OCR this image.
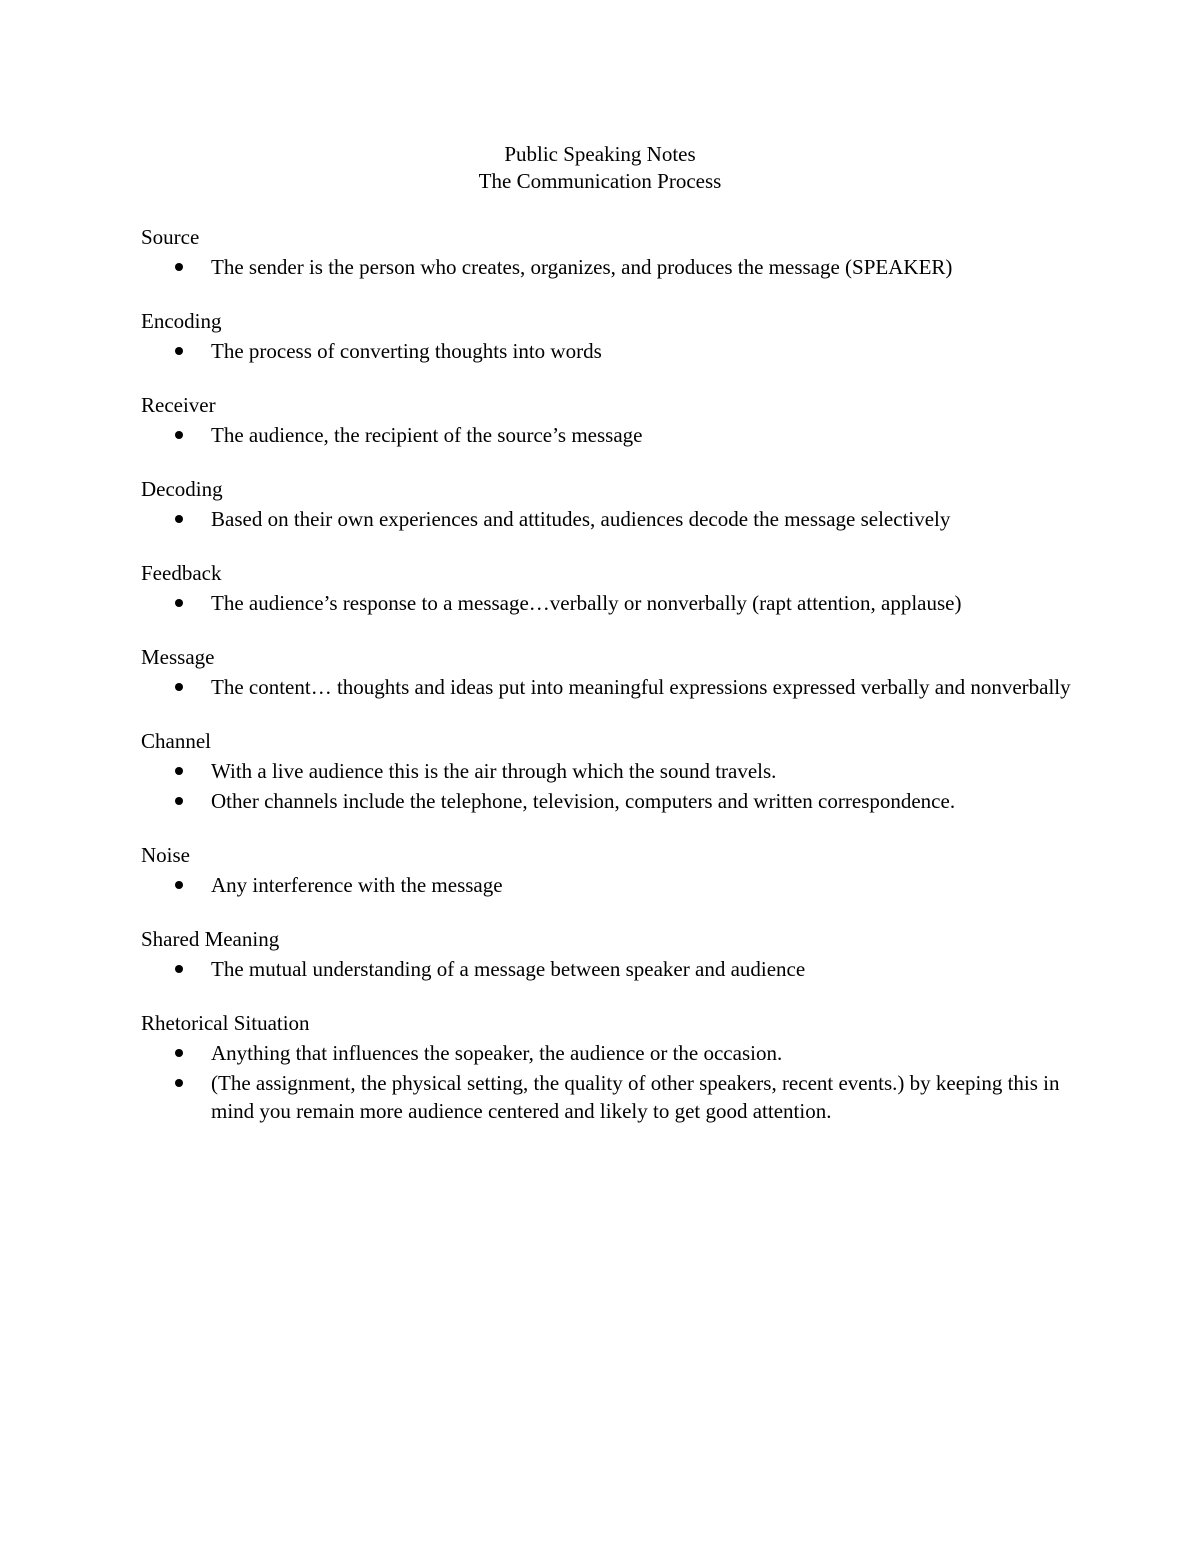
Public Speaking Notes
The Communication Process
Source
The sender is the person who creates, organizes, and produces the message (SPEAKER)
Encoding
The process of converting thoughts into words
Receiver
The audience, the recipient of the source’s message
Decoding
Based on their own experiences and attitudes, audiences decode the message selectively
Feedback
The audience’s response to a message…verbally or nonverbally (rapt attention, applause)
Message
The content… thoughts and ideas put into meaningful expressions expressed verbally and nonverbally
Channel
With a live audience this is the air through which the sound travels.
Other channels include the telephone, television, computers and written correspondence.
Noise
Any interference with the message
Shared Meaning
The mutual understanding of a message between speaker and audience
Rhetorical Situation
Anything that influences the sopeaker, the audience or the occasion.
(The assignment, the physical setting, the quality of other speakers, recent events.) by keeping this in mind you remain more audience centered and likely to get good attention.
